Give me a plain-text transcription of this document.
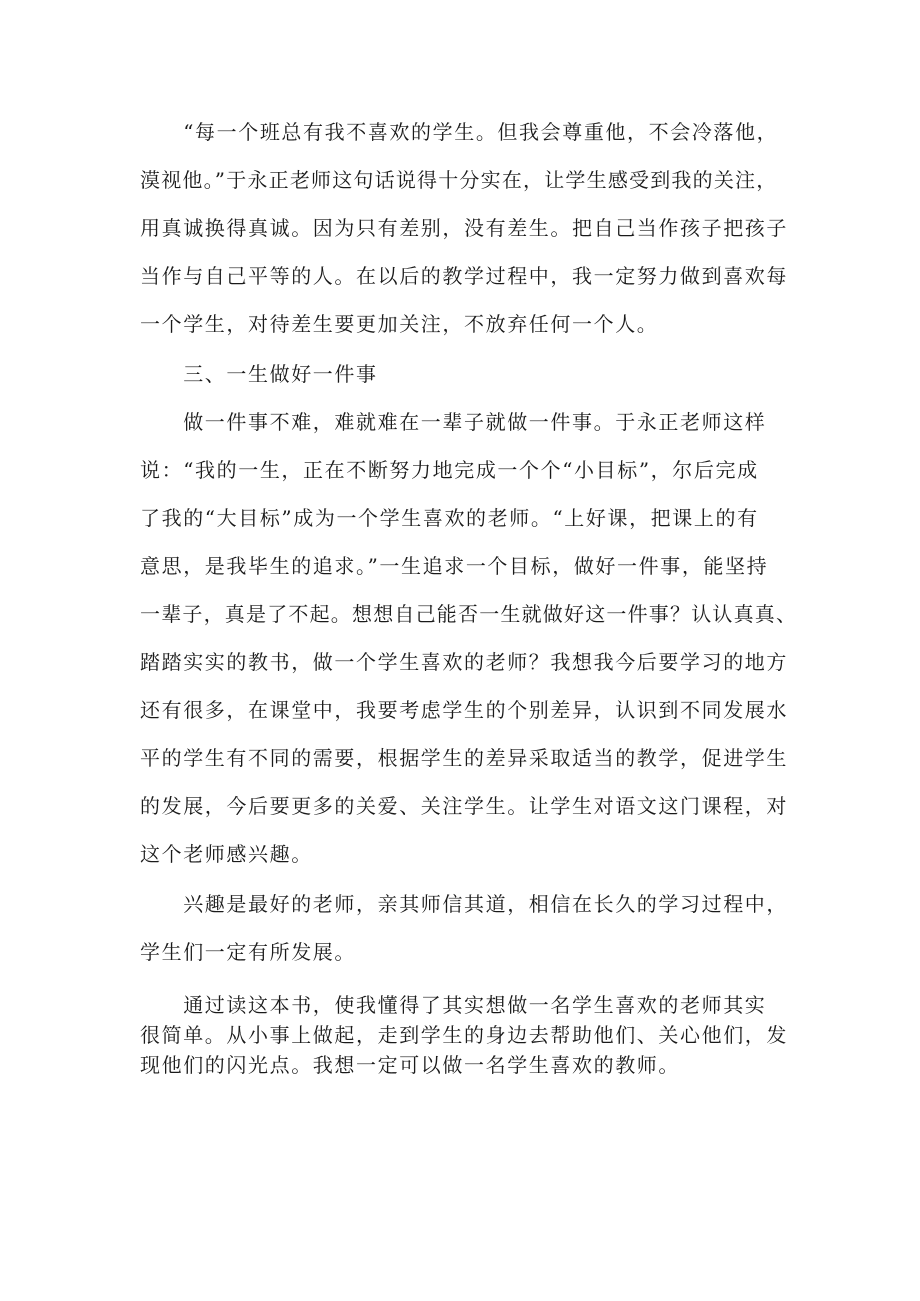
　　“每一个班总有我不喜欢的学生。但我会尊重他，不会冷落他，

漠视他。”于永正老师这句话说得十分实在，让学生感受到我的关注，

用真诚换得真诚。因为只有差别，没有差生。把自己当作孩子把孩子

当作与自己平等的人。在以后的教学过程中，我一定努力做到喜欢每

一个学生，对待差生要更加关注，不放弃任何一个人。

　　三、一生做好一件事

　　做一件事不难，难就难在一辈子就做一件事。于永正老师这样

说：“我的一生，正在不断努力地完成一个个“小目标”，尔后完成

了我的“大目标”成为一个学生喜欢的老师。“上好课，把课上的有

意思，是我毕生的追求。”一生追求一个目标，做好一件事，能坚持

一辈子，真是了不起。想想自己能否一生就做好这一件事？认认真真、

踏踏实实的教书，做一个学生喜欢的老师？我想我今后要学习的地方

还有很多，在课堂中，我要考虑学生的个别差异，认识到不同发展水

平的学生有不同的需要，根据学生的差异采取适当的教学，促进学生

的发展，今后要更多的关爱、关注学生。让学生对语文这门课程，对

这个老师感兴趣。

　　兴趣是最好的老师，亲其师信其道，相信在长久的学习过程中，

学生们一定有所发展。

　　通过读这本书，使我懂得了其实想做一名学生喜欢的老师其实

很简单。从小事上做起，走到学生的身边去帮助他们、关心他们，发

现他们的闪光点。我想一定可以做一名学生喜欢的教师。
